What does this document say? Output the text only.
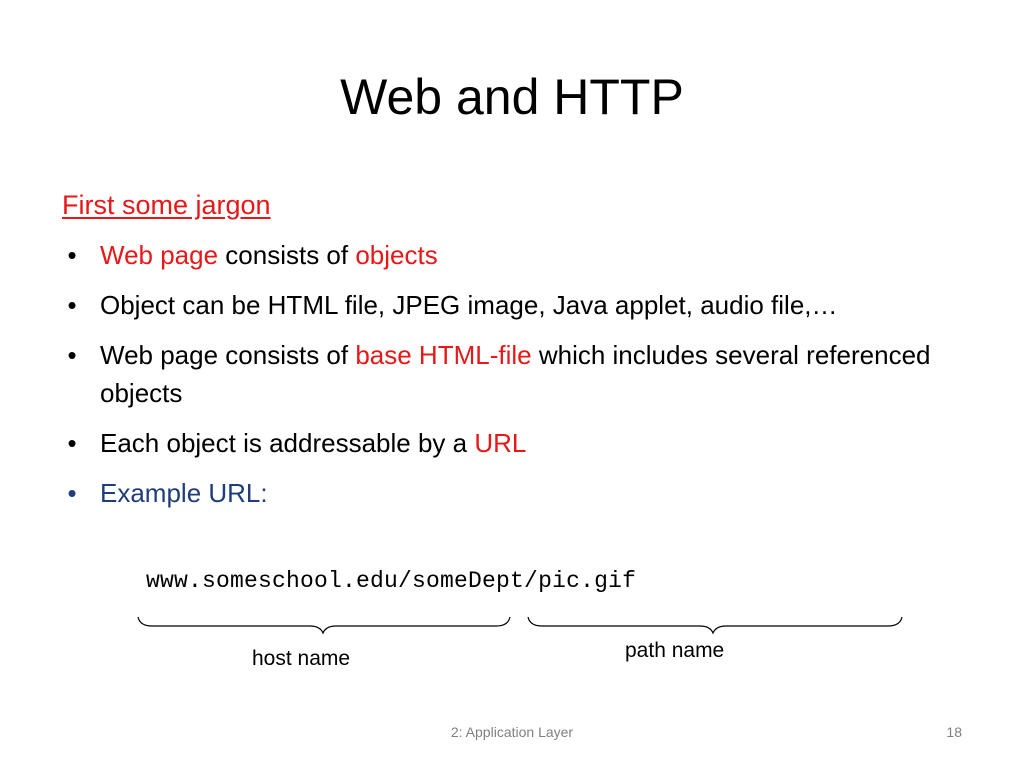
Web and HTTP
First some jargon
• Web page consists of objects
• Object can be HTML file, JPEG image, Java applet, audio file,…
• Web page consists of base HTML-file which includes several referenced objects
• Each object is addressable by a URL
• Example URL:
www.someschool.edu/someDept/pic.gif
host name	path name
2: Application Layer	18
